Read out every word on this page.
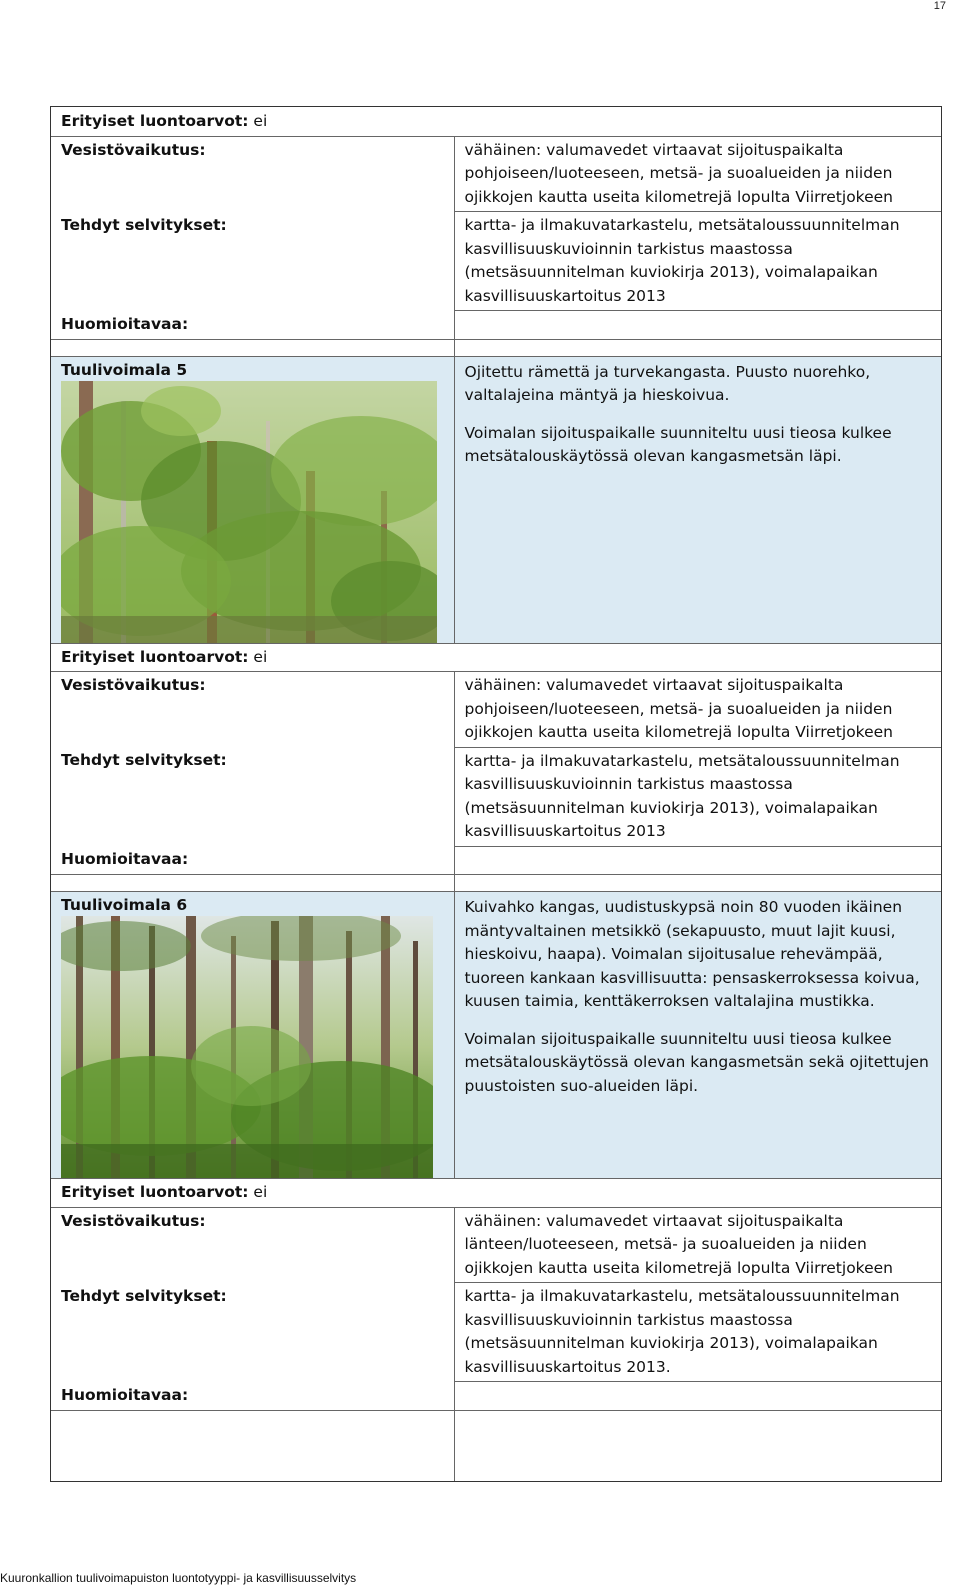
17
Erityiset luontoarvot: ei	
Vesistövaikutus:	vähäinen: valumavedet virtaavat sijoituspaikalta pohjoiseen/luoteeseen, metsä- ja suoalueiden ja niiden ojikkojen kautta useita kilometrejä lopulta Viirretjokeen
Tehdyt selvitykset:	kartta- ja ilmakuvatarkastelu, metsätaloussuunnitelman kasvillisuuskuvioinnin tarkistus maastossa (metsäsuunnitelman kuviokirja 2013), voimalapaikan kasvillisuuskartoitus 2013
Huomioitavaa:	

Tuulivoimala 5	Ojitettu rämettä ja turvekangasta. Puusto nuorehko, valtalajeina mäntyä ja hieskoivua.

Voimalan sijoituspaikalle suunniteltu uusi tieosa kulkee metsätalouskäytössä olevan kangasmetsän läpi.

Erityiset luontoarvot: ei	
Vesistövaikutus:	vähäinen: valumavedet virtaavat sijoituspaikalta pohjoiseen/luoteeseen, metsä- ja suoalueiden ja niiden ojikkojen kautta useita kilometrejä lopulta Viirretjokeen
Tehdyt selvitykset:	kartta- ja ilmakuvatarkastelu, metsätaloussuunnitelman kasvillisuuskuvioinnin tarkistus maastossa (metsäsuunnitelman kuviokirja 2013), voimalapaikan kasvillisuuskartoitus 2013
Huomioitavaa:	

Tuulivoimala 6	Kuivahko kangas, uudistuskypsä noin 80 vuoden ikäinen mäntyvaltainen metsikkö (sekapuusto, muut lajit kuusi, hieskoivu, haapa). Voimalan sijoitusalue rehevämpää, tuoreen kankaan kasvillisuutta: pensaskerroksessa koivua, kuusen taimia, kenttäkerroksen valtalajina mustikka.

Voimalan sijoituspaikalle suunniteltu uusi tieosa kulkee metsätalouskäytössä olevan kangasmetsän sekä ojitettujen puustoisten suo-alueiden läpi.

Erityiset luontoarvot: ei	
Vesistövaikutus:	vähäinen: valumavedet virtaavat sijoituspaikalta länteen/luoteeseen, metsä- ja suoalueiden ja niiden ojikkojen kautta useita kilometrejä lopulta Viirretjokeen
Tehdyt selvitykset:	kartta- ja ilmakuvatarkastelu, metsätaloussuunnitelman kasvillisuuskuvioinnin tarkistus maastossa (metsäsuunnitelman kuviokirja 2013), voimalapaikan kasvillisuuskartoitus 2013.
Huomioitavaa:	

Kuuronkallion tuulivoimapuiston luontotyyppi- ja kasvillisuusselvitys
